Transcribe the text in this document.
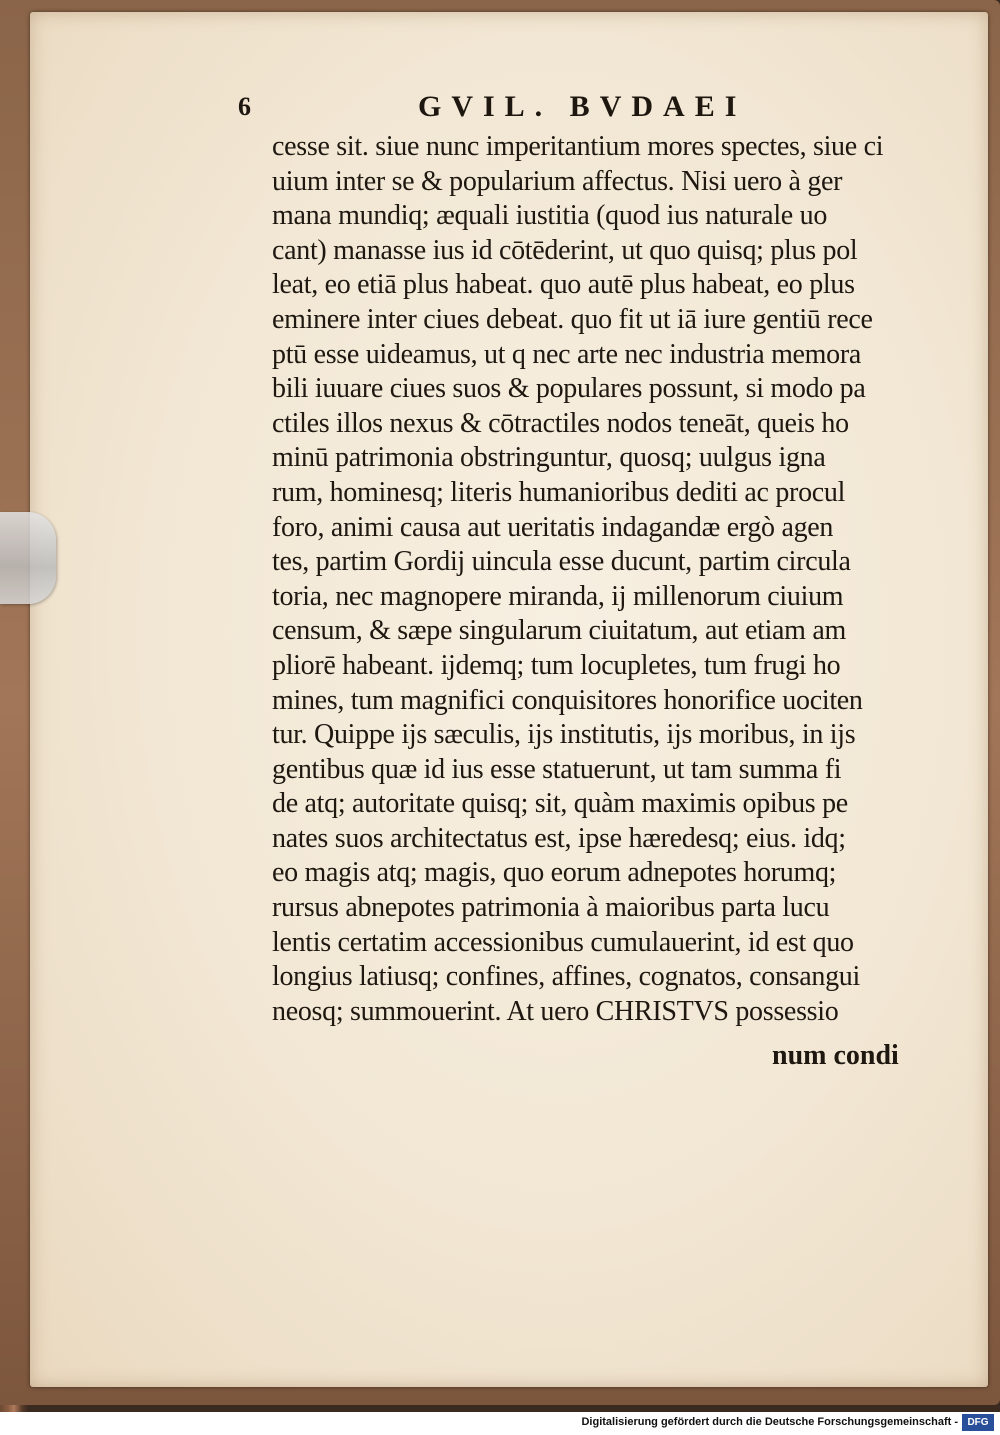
6	GVIL. BVDAEI
cesse sit. siue nunc imperitantium mores spectes, siue ci
uium inter se & popularium affectus. Nisi uero à ger
mana mundiq; æquali iustitia (quod ius naturale uo
cant) manasse ius id cōtēderint, ut quo quisq; plus pol
leat, eo etiā plus habeat. quo autē plus habeat, eo plus
eminere inter ciues debeat. quo fit ut iā iure gentiū rece
ptū esse uideamus, ut q nec arte nec industria memora
bili iuuare ciues suos & populares possunt, si modo pa
ctiles illos nexus & cōtractiles nodos teneāt, queis ho
minū patrimonia obstringuntur, quosq; uulgus igna
rum, hominesq; literis humanioribus dediti ac procul
foro, animi causa aut ueritatis indagandæ ergò agen
tes, partim Gordij uincula esse ducunt, partim circula
toria, nec magnopere miranda, ij millenorum ciuium
censum, & sæpe singularum ciuitatum, aut etiam am
pliorē habeant. ijdemq; tum locupletes, tum frugi ho
mines, tum magnifici conquisitores honorifice uociten
tur. Quippe ijs sæculis, ijs institutis, ijs moribus, in ijs
gentibus quæ id ius esse statuerunt, ut tam summa fi
de atq; autoritate quisq; sit, quàm maximis opibus pe
nates suos architectatus est, ipse hæredesq; eius. idq;
eo magis atq; magis, quo eorum adnepotes horumq;
rursus abnepotes patrimonia à maioribus parta lucu
lentis certatim accessionibus cumulauerint, id est quo
longius latiusq; confines, affines, cognatos, consangui
neosq; summouerint. At uero CHRISTVS possessio
num condi
Digitalisierung gefördert durch die Deutsche Forschungsgemeinschaft - DFG
